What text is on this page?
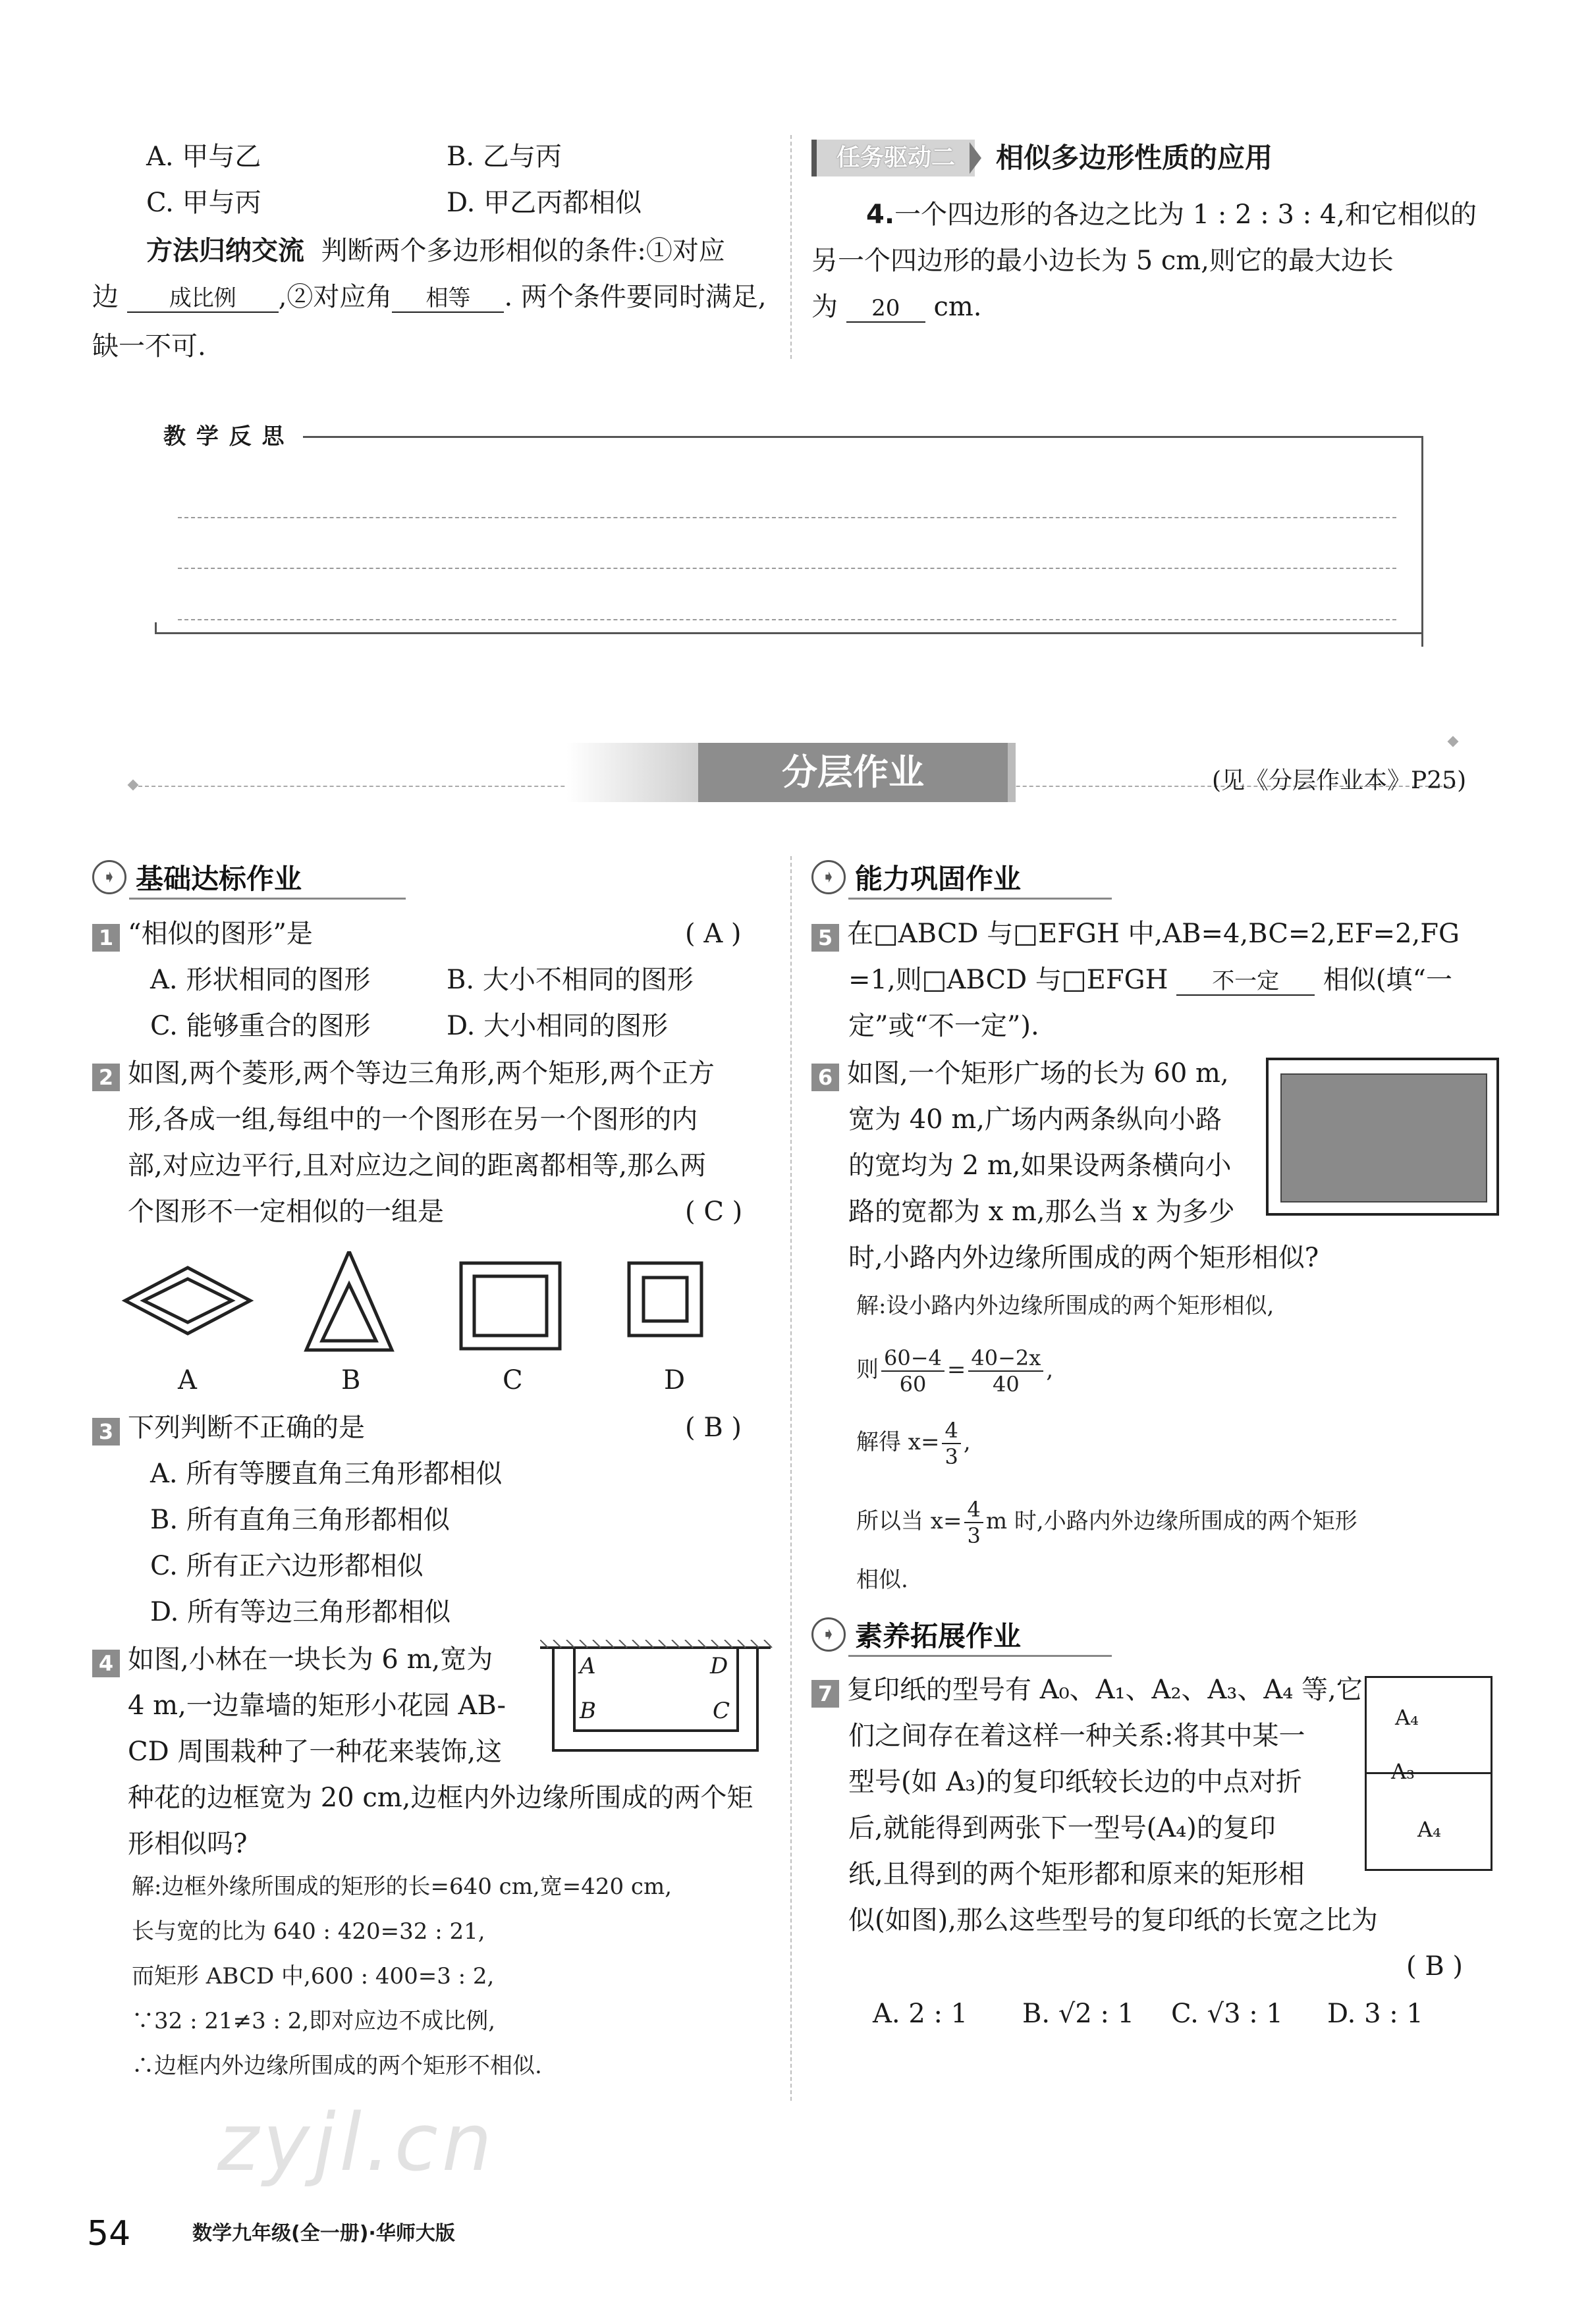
A. 甲与乙	B. 乙与丙
C. 甲与丙	D. 甲乙丙都相似
方法归纳交流 判断两个多边形相似的条件:①对应
边 成比例 ,②对应角 相等 . 两个条件要同时满足,
缺一不可.
任务驱动二	相似多边形性质的应用
4.一个四边形的各边之比为 1 : 2 : 3 : 4,和它相似的
另一个四边形的最小边长为 5 cm,则它的最大边长
为 20 cm.
教 学 反 思
分层作业	(见《分层作业本》P25)
➧ 基础达标作业
1 “相似的图形”是	( A )
A. 形状相同的图形	B. 大小不相同的图形
C. 能够重合的图形	D. 大小相同的图形
2 如图,两个菱形,两个等边三角形,两个矩形,两个正方
形,各成一组,每组中的一个图形在另一个图形的内
部,对应边平行,且对应边之间的距离都相等,那么两
个图形不一定相似的一组是	( C )
A	B	C	D
3 下列判断不正确的是	( B )
A. 所有等腰直角三角形都相似
B. 所有直角三角形都相似
C. 所有正六边形都相似
D. 所有等边三角形都相似
4 如图,小林在一块长为 6 m,宽为
4 m,一边靠墙的矩形小花园 AB-
CD 周围栽种了一种花来装饰,这
种花的边框宽为 20 cm,边框内外边缘所围成的两个矩
形相似吗?
A	D
B	C
解:边框外缘所围成的矩形的长=640 cm,宽=420 cm,
长与宽的比为 640 : 420=32 : 21,
而矩形 ABCD 中,600 : 400=3 : 2,
∵32 : 21≠3 : 2,即对应边不成比例,
∴边框内外边缘所围成的两个矩形不相似.
➧ 能力巩固作业
5 在□ABCD 与□EFGH 中,AB=4,BC=2,EF=2,FG
=1,则□ABCD 与□EFGH 不一定 相似(填“一
定”或“不一定”).
6 如图,一个矩形广场的长为 60 m,
宽为 40 m,广场内两条纵向小路
的宽均为 2 m,如果设两条横向小
路的宽都为 x m,那么当 x 为多少
时,小路内外边缘所围成的两个矩形相似?
解:设小路内外边缘所围成的两个矩形相似,
则 $\frac{60-4}{60} = \frac{40-2x}{40}$ ,
解得 $x= \frac{4}{3}$ ,
所以当 $x= \frac{4}{3}$ m 时,小路内外边缘所围成的两个矩形
相似.
➧ 素养拓展作业
7 复印纸的型号有 A₀、A₁、A₂、A₃、A₄ 等,它
们之间存在着这样一种关系:将其中某一
型号(如 A₃)的复印纸较长边的中点对折
后,就能得到两张下一型号(A₄)的复印
纸,且得到的两个矩形都和原来的矩形相
似(如图),那么这些型号的复印纸的长宽之比为
( B )
A. 2 : 1 B. √2 : 1 C. √3 : 1 D. 3 : 1
A₄
A₃
A₄
zyjl.cn
54	数学九年级(全一册)·华师大版
